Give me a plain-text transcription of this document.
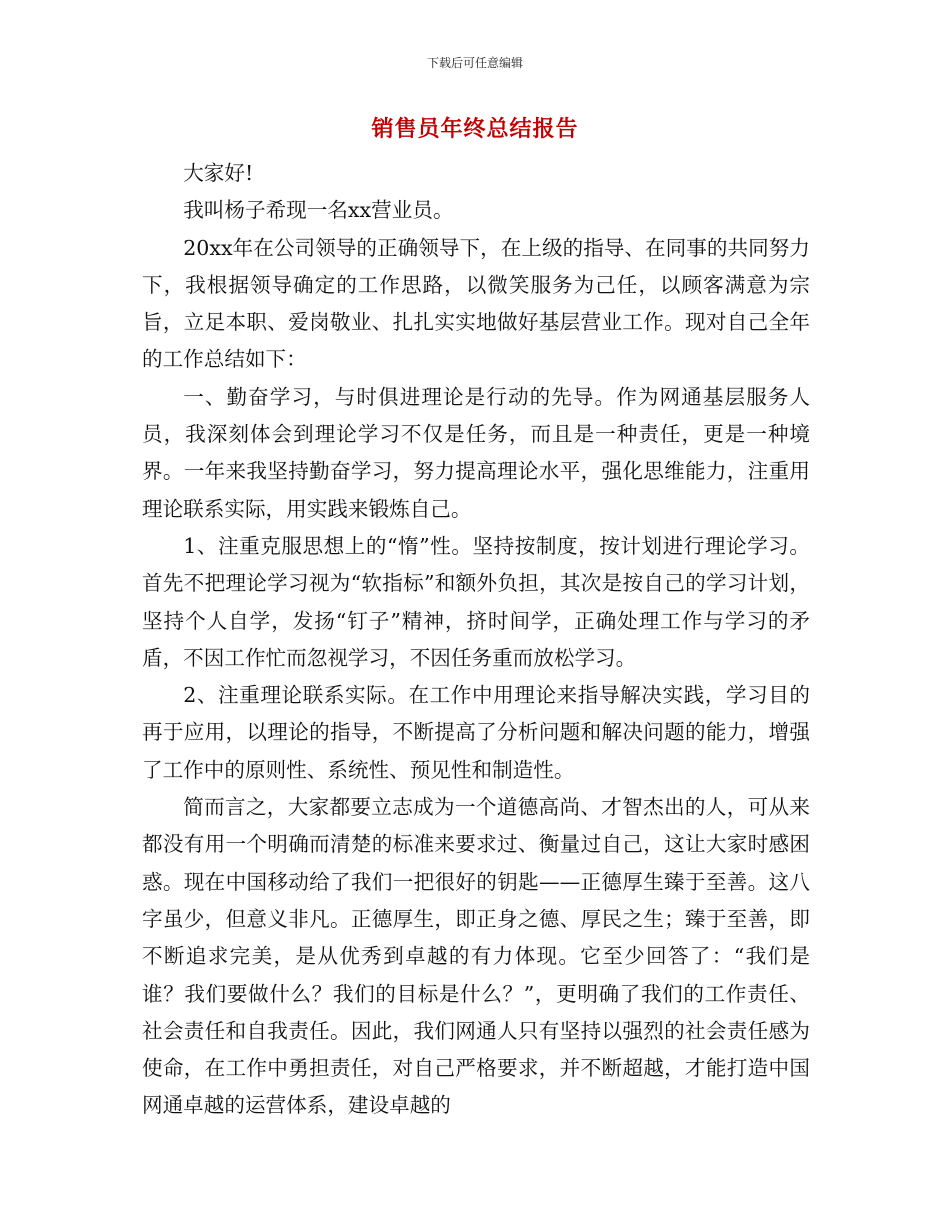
下载后可任意编辑
销售员年终总结报告

大家好!

我叫杨子希现一名xx营业员。

20xx年在公司领导的正确领导下，在上级的指导、在同事的共同努力下，我根据领导确定的工作思路，以微笑服务为己任，以顾客满意为宗旨，立足本职、爱岗敬业、扎扎实实地做好基层营业工作。现对自己全年的工作总结如下：

一、勤奋学习，与时俱进理论是行动的先导。作为网通基层服务人员，我深刻体会到理论学习不仅是任务，而且是一种责任，更是一种境界。一年来我坚持勤奋学习，努力提高理论水平，强化思维能力，注重用理论联系实际，用实践来锻炼自己。

1、注重克服思想上的“惰”性。坚持按制度，按计划进行理论学习。首先不把理论学习视为“软指标”和额外负担，其次是按自己的学习计划，坚持个人自学，发扬“钉子”精神，挤时间学，正确处理工作与学习的矛盾，不因工作忙而忽视学习，不因任务重而放松学习。

2、注重理论联系实际。在工作中用理论来指导解决实践，学习目的再于应用，以理论的指导，不断提高了分析问题和解决问题的能力，增强了工作中的原则性、系统性、预见性和制造性。

简而言之，大家都要立志成为一个道德高尚、才智杰出的人，可从来都没有用一个明确而清楚的标准来要求过、衡量过自己，这让大家时感困惑。现在中国移动给了我们一把很好的钥匙——正德厚生臻于至善。这八字虽少，但意义非凡。正德厚生，即正身之德、厚民之生；臻于至善，即不断追求完美，是从优秀到卓越的有力体现。它至少回答了：“我们是谁？我们要做什么？我们的目标是什么？”，更明确了我们的工作责任、社会责任和自我责任。因此，我们网通人只有坚持以强烈的社会责任感为使命，在工作中勇担责任，对自己严格要求，并不断超越，才能打造中国网通卓越的运营体系，建设卓越的
